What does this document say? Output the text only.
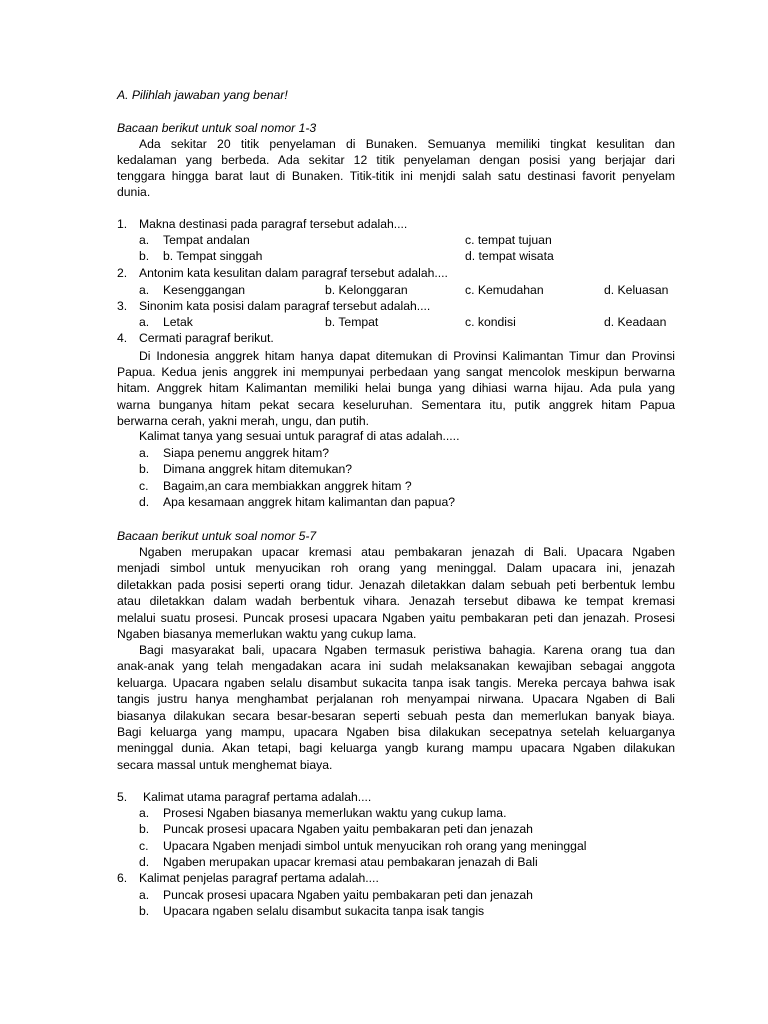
A. Pilihlah jawaban yang benar!
Bacaan berikut untuk soal nomor 1-3
Ada sekitar 20 titik penyelaman di Bunaken. Semuanya memiliki tingkat kesulitan dan
kedalaman yang berbeda. Ada sekitar 12 titik penyelaman dengan posisi yang berjajar dari
tenggara hingga barat laut di Bunaken. Titik-titik ini menjdi salah satu destinasi favorit penyelam
dunia.
1. Makna destinasi pada paragraf tersebut adalah....
a. Tempat andalan
b. b. Tempat singgah
c. tempat tujuan
d. tempat wisata
2. Antonim kata kesulitan dalam paragraf tersebut adalah....
a. Kesenggangan	b. Kelonggaran	c. Kemudahan	d. Keluasan
3. Sinonim kata posisi dalam paragraf tersebut adalah....
a. Letak	b. Tempat	c. kondisi	d. Keadaan
4. Cermati paragraf berikut.
Di Indonesia anggrek hitam hanya dapat ditemukan di Provinsi Kalimantan Timur dan Provinsi
Papua. Kedua jenis anggrek ini mempunyai perbedaan yang sangat mencolok meskipun berwarna
hitam. Anggrek hitam Kalimantan memiliki helai bunga yang dihiasi warna hijau. Ada pula yang
warna bunganya hitam pekat secara keseluruhan. Sementara itu, putik anggrek hitam Papua
berwarna cerah, yakni merah, ungu, dan putih.
Kalimat tanya yang sesuai untuk paragraf di atas adalah.....
a. Siapa penemu anggrek hitam?
b. Dimana anggrek hitam ditemukan?
c. Bagaim,an cara membiakkan anggrek hitam ?
d. Apa kesamaan anggrek hitam kalimantan dan papua?
Bacaan berikut untuk soal nomor 5-7
Ngaben merupakan upacar kremasi atau pembakaran jenazah di Bali. Upacara Ngaben
menjadi simbol untuk menyucikan roh orang yang meninggal. Dalam upacara ini, jenazah
diletakkan pada posisi seperti orang tidur. Jenazah diletakkan dalam sebuah peti berbentuk lembu
atau diletakkan dalam wadah berbentuk vihara. Jenazah tersebut dibawa ke tempat kremasi
melalui suatu prosesi. Puncak prosesi upacara Ngaben yaitu pembakaran peti dan jenazah. Prosesi
Ngaben biasanya memerlukan waktu yang cukup lama.
Bagi masyarakat bali, upacara Ngaben termasuk peristiwa bahagia. Karena orang tua dan
anak-anak yang telah mengadakan acara ini sudah melaksanakan kewajiban sebagai anggota
keluarga. Upacara ngaben selalu disambut sukacita tanpa isak tangis. Mereka percaya bahwa isak
tangis justru hanya menghambat perjalanan roh menyampai nirwana. Upacara Ngaben di Bali
biasanya dilakukan secara besar-besaran seperti sebuah pesta dan memerlukan banyak biaya.
Bagi keluarga yang mampu, upacara Ngaben bisa dilakukan secepatnya setelah keluarganya
meninggal dunia. Akan tetapi, bagi keluarga yangb kurang mampu upacara Ngaben dilakukan
secara massal untuk menghemat biaya.
5. Kalimat utama paragraf pertama adalah....
a. Prosesi Ngaben biasanya memerlukan waktu yang cukup lama.
b. Puncak prosesi upacara Ngaben yaitu pembakaran peti dan jenazah
c. Upacara Ngaben menjadi simbol untuk menyucikan roh orang yang meninggal
d. Ngaben merupakan upacar kremasi atau pembakaran jenazah di Bali
6. Kalimat penjelas paragraf pertama adalah....
a. Puncak prosesi upacara Ngaben yaitu pembakaran peti dan jenazah
b. Upacara ngaben selalu disambut sukacita tanpa isak tangis
